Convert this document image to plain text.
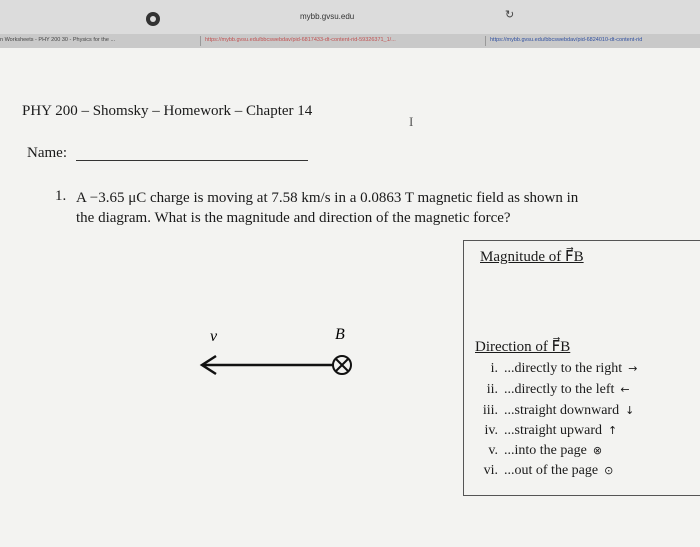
mybb.gvsu.edu	↻
n Worksheets - PHY 200 30 - Physics for the ...	https://mybb.gvsu.edu/bbcswebdav/pid-6817433-dt-content-rid-59326371_1/...	https://mybb.gvsu.edu/bbcswebdav/pid-6824010-dt-content-rid
PHY 200 – Shomsky – Homework – Chapter 14
I
Name:
1. A −3.65 μC charge is moving at 7.58 km/s in a 0.0863 T magnetic field as shown in
the diagram. What is the magnitude and direction of the magnetic force?
v⃗	B⃗
Magnitude of F⃗B
Direction of F⃗B
i. ...directly to the right →
ii. ...directly to the left ←
iii. ...straight downward ↓
iv. ...straight upward ↑
v. ...into the page ⊗
vi. ...out of the page ⊙
